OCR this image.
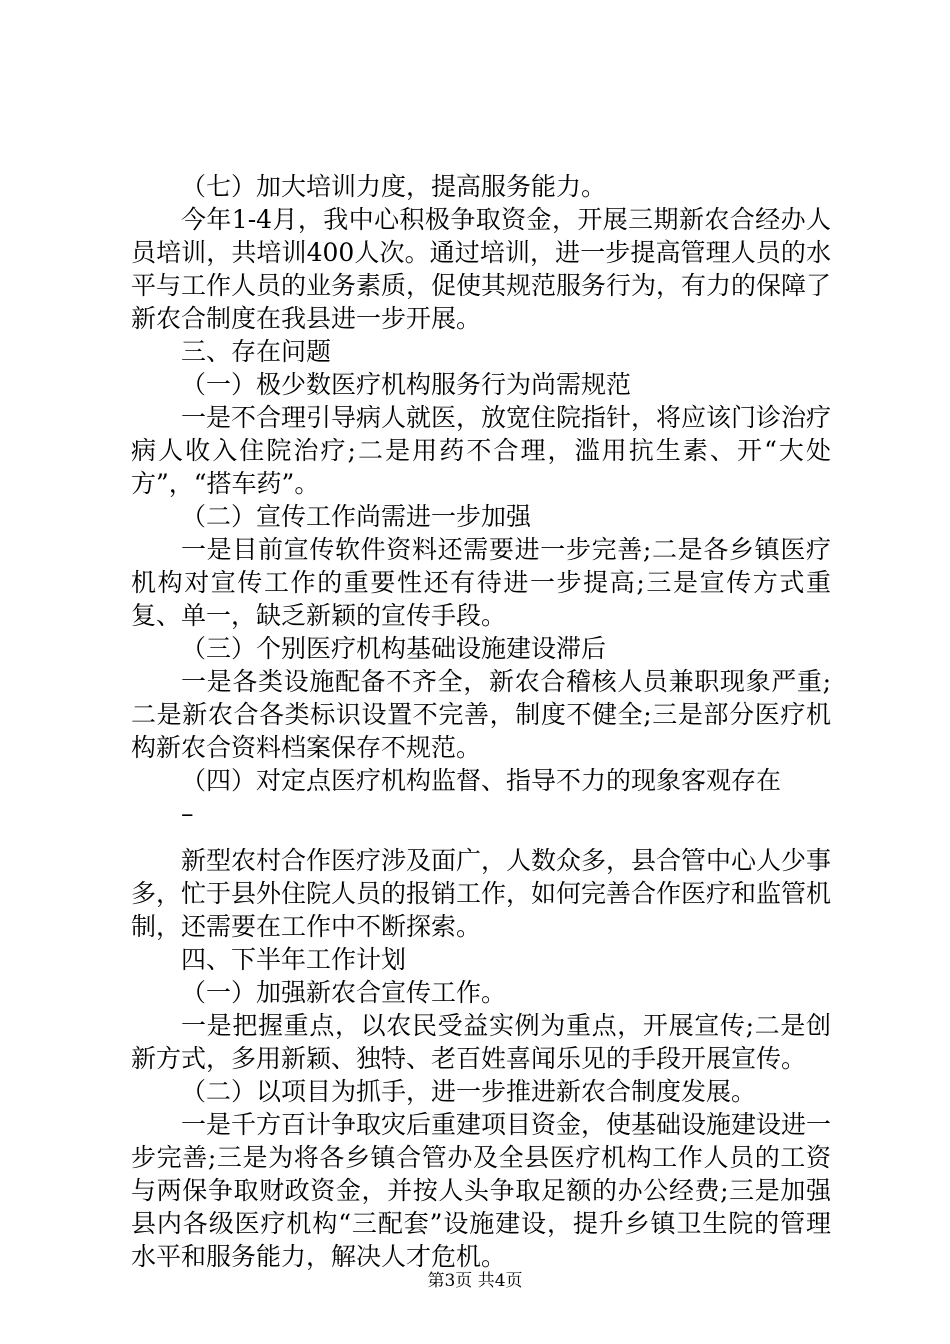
（七）加大培训力度，提高服务能力。

今年1-4月，我中心积极争取资金，开展三期新农合经办人员培训，共培训400人次。通过培训，进一步提高管理人员的水平与工作人员的业务素质，促使其规范服务行为，有力的保障了新农合制度在我县进一步开展。

三、存在问题

（一）极少数医疗机构服务行为尚需规范

一是不合理引导病人就医，放宽住院指针，将应该门诊治疗病人收入住院治疗;二是用药不合理，滥用抗生素、开“大处方”，“搭车药”。

（二）宣传工作尚需进一步加强

一是目前宣传软件资料还需要进一步完善;二是各乡镇医疗机构对宣传工作的重要性还有待进一步提高;三是宣传方式重复、单一，缺乏新颖的宣传手段。

（三）个别医疗机构基础设施建设滞后

一是各类设施配备不齐全，新农合稽核人员兼职现象严重;二是新农合各类标识设置不完善，制度不健全;三是部分医疗机构新农合资料档案保存不规范。

（四）对定点医疗机构监督、指导不力的现象客观存在

–

新型农村合作医疗涉及面广，人数众多，县合管中心人少事多，忙于县外住院人员的报销工作，如何完善合作医疗和监管机制，还需要在工作中不断探索。

四、下半年工作计划

（一）加强新农合宣传工作。

一是把握重点，以农民受益实例为重点，开展宣传;二是创新方式，多用新颖、独特、老百姓喜闻乐见的手段开展宣传。

（二）以项目为抓手，进一步推进新农合制度发展。

一是千方百计争取灾后重建项目资金，使基础设施建设进一步完善;三是为将各乡镇合管办及全县医疗机构工作人员的工资与两保争取财政资金，并按人头争取足额的办公经费;三是加强县内各级医疗机构“三配套”设施建设，提升乡镇卫生院的管理水平和服务能力，解决人才危机。

第3页 共4页
